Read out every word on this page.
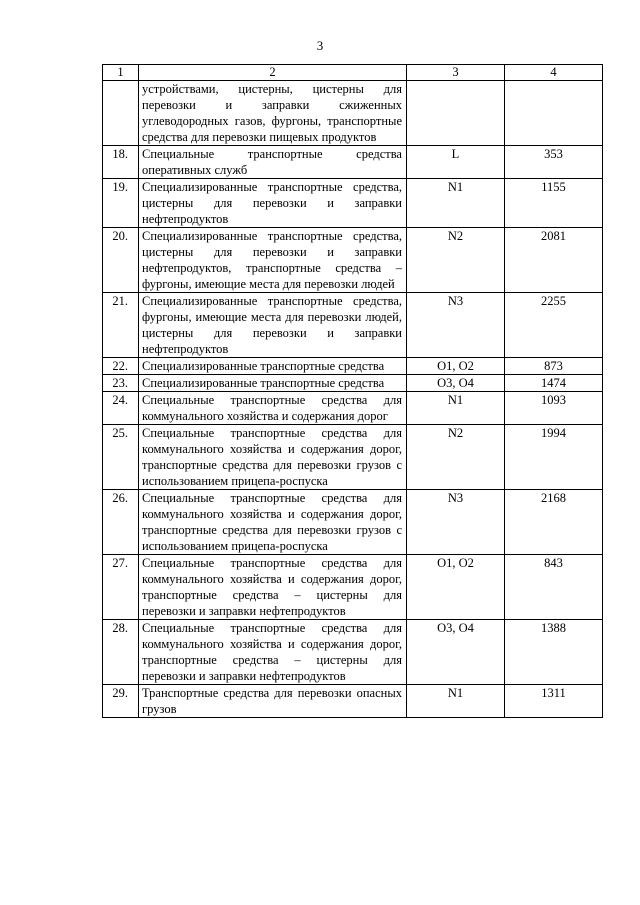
3
1	2	3	4
	устройствами, цистерны, цистерны для перевозки и заправки сжиженных углеводородных газов, фургоны, транспортные средства для перевозки пищевых продуктов		
18.	Специальные транспортные средства оперативных служб	L	353
19.	Специализированные транспортные средства, цистерны для перевозки и заправки нефтепродуктов	N1	1155
20.	Специализированные транспортные средства, цистерны для перевозки и заправки нефтепродуктов, транспортные средства – фургоны, имеющие места для перевозки людей	N2	2081
21.	Специализированные транспортные средства, фургоны, имеющие места для перевозки людей, цистерны для перевозки и заправки нефтепродуктов	N3	2255
22.	Специализированные транспортные средства	O1, O2	873
23.	Специализированные транспортные средства	O3, O4	1474
24.	Специальные транспортные средства для коммунального хозяйства и содержания дорог	N1	1093
25.	Специальные транспортные средства для коммунального хозяйства и содержания дорог, транспортные средства для перевозки грузов с использованием прицепа-роспуска	N2	1994
26.	Специальные транспортные средства для коммунального хозяйства и содержания дорог, транспортные средства для перевозки грузов с использованием прицепа-роспуска	N3	2168
27.	Специальные транспортные средства для коммунального хозяйства и содержания дорог, транспортные средства – цистерны для перевозки и заправки нефтепродуктов	O1, O2	843
28.	Специальные транспортные средства для коммунального хозяйства и содержания дорог, транспортные средства – цистерны для перевозки и заправки нефтепродуктов	O3, O4	1388
29.	Транспортные средства для перевозки опасных грузов	N1	1311
